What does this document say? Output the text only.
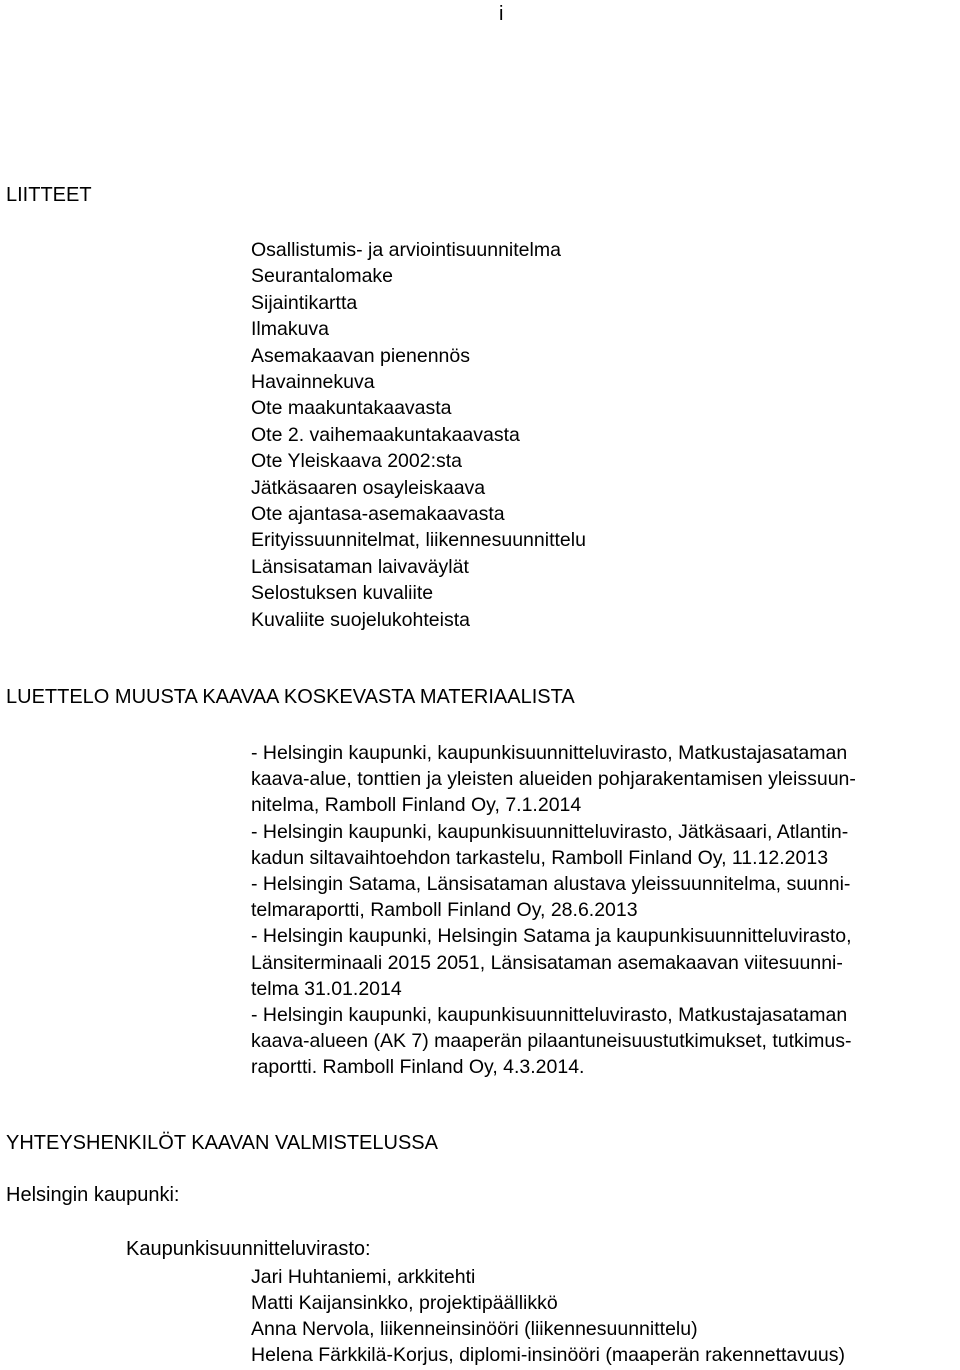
i
LIITTEET
Osallistumis- ja arviointisuunnitelma
Seurantalomake
Sijaintikartta
Ilmakuva
Asemakaavan pienennös
Havainnekuva
Ote maakuntakaavasta
Ote 2. vaihemaakuntakaavasta
Ote Yleiskaava 2002:sta
Jätkäsaaren osayleiskaava
Ote ajantasa-asemakaavasta
Erityissuunnitelmat, liikennesuunnittelu
Länsisataman laivaväylät
Selostuksen kuvaliite
Kuvaliite suojelukohteista
LUETTELO MUUSTA KAAVAA KOSKEVASTA MATERIAALISTA
- Helsingin kaupunki, kaupunkisuunnitteluvirasto, Matkustajasataman
kaava-alue, tonttien ja yleisten alueiden pohjarakentamisen yleissuun-
nitelma, Ramboll Finland Oy, 7.1.2014
- Helsingin kaupunki, kaupunkisuunnitteluvirasto, Jätkäsaari, Atlantin-
kadun siltavaihtoehdon tarkastelu, Ramboll Finland Oy, 11.12.2013
- Helsingin Satama, Länsisataman alustava yleissuunnitelma, suunni-
telmaraportti, Ramboll Finland Oy, 28.6.2013
- Helsingin kaupunki, Helsingin Satama ja kaupunkisuunnitteluvirasto,
Länsiterminaali 2015 2051, Länsisataman asemakaavan viitesuunni-
telma 31.01.2014
- Helsingin kaupunki, kaupunkisuunnitteluvirasto, Matkustajasataman
kaava-alueen (AK 7) maaperän pilaantuneisuustutkimukset, tutkimus-
raportti. Ramboll Finland Oy, 4.3.2014.
YHTEYSHENKILÖT KAAVAN VALMISTELUSSA
Helsingin kaupunki:
Kaupunkisuunnitteluvirasto:
Jari Huhtaniemi, arkkitehti
Matti Kaijansinkko, projektipäällikkö
Anna Nervola, liikenneinsinööri (liikennesuunnittelu)
Helena Färkkilä-Korjus, diplomi-insinööri (maaperän rakennettavuus)
